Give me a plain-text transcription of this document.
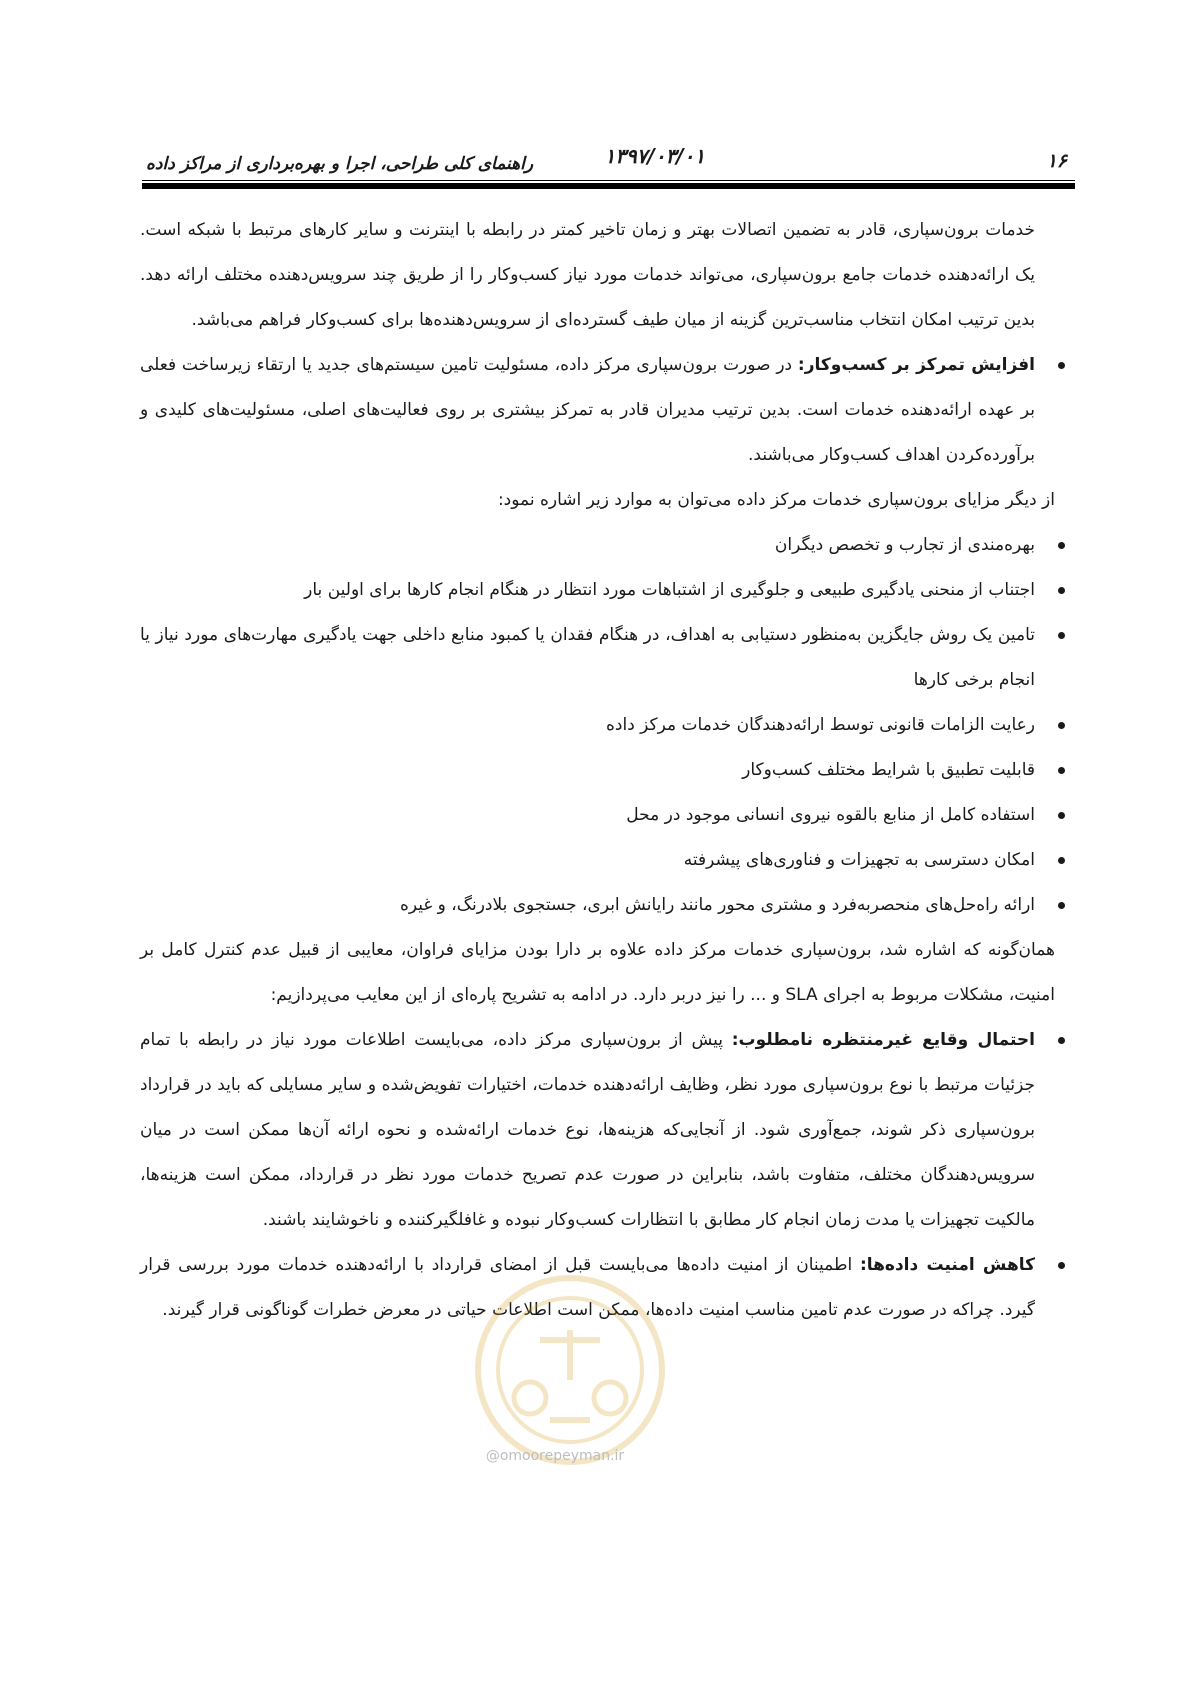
۱۶
۱۳۹۷/۰۳/۰۱
راهنمای کلی طراحی، اجرا و بهره‌برداری از مراکز داده

خدمات برون‌سپاری، قادر به تضمین اتصالات بهتر و زمان تاخیر کمتر در رابطه با اینترنت و سایر کارهای مرتبط با شبکه است. یک ارائه‌دهنده خدمات جامع برون‌سپاری، می‌تواند خدمات مورد نیاز کسب‌وکار را از طریق چند سرویس‌دهنده مختلف ارائه دهد. بدین ترتیب امکان انتخاب مناسب‌ترین گزینه از میان طیف گسترده‌ای از سرویس‌دهنده‌ها برای کسب‌وکار فراهم می‌باشد.

افزایش تمرکز بر کسب‌وکار: در صورت برون‌سپاری مرکز داده، مسئولیت تامین سیستم‌های جدید یا ارتقاء زیرساخت فعلی بر عهده ارائه‌دهنده خدمات است. بدین ترتیب مدیران قادر به تمرکز بیشتری بر روی فعالیت‌های اصلی، مسئولیت‌های کلیدی و برآورده‌کردن اهداف کسب‌وکار می‌باشند.

از دیگر مزایای برون‌سپاری خدمات مرکز داده می‌توان به موارد زیر اشاره نمود:

بهره‌مندی از تجارب و تخصص دیگران
اجتناب از منحنی یادگیری طبیعی و جلوگیری از اشتباهات مورد انتظار در هنگام انجام کارها برای اولین بار
تامین یک روش جایگزین به‌منظور دستیابی به اهداف، در هنگام فقدان یا کمبود منابع داخلی جهت یادگیری مهارت‌های مورد نیاز یا انجام برخی کارها
رعایت الزامات قانونی توسط ارائه‌دهندگان خدمات مرکز داده
قابلیت تطبیق با شرایط مختلف کسب‌وکار
استفاده کامل از منابع بالقوه نیروی انسانی موجود در محل
امکان دسترسی به تجهیزات و فناوری‌های پیشرفته
ارائه راه‌حل‌های منحصربه‌فرد و مشتری محور مانند رایانش ابری، جستجوی بلادرنگ، و غیره

همان‌گونه که اشاره شد، برون‌سپاری خدمات مرکز داده علاوه بر دارا بودن مزایای فراوان، معایبی از قبیل عدم کنترل کامل بر امنیت، مشکلات مربوط به اجرای SLA و ... را نیز دربر دارد. در ادامه به تشریح پاره‌ای از این معایب می‌پردازیم:

احتمال وقایع غیرمنتظره نامطلوب: پیش از برون‌سپاری مرکز داده، می‌بایست اطلاعات مورد نیاز در رابطه با تمام جزئیات مرتبط با نوع برون‌سپاری مورد نظر، وظایف ارائه‌دهنده خدمات، اختیارات تفویض‌شده و سایر مسایلی که باید در قرارداد برون‌سپاری ذکر شوند، جمع‌آوری شود. از آنجایی‌که هزینه‌ها، نوع خدمات ارائه‌شده و نحوه ارائه آن‌ها ممکن است در میان سرویس‌دهندگان مختلف، متفاوت باشد، بنابراین در صورت عدم تصریح خدمات مورد نظر در قرارداد، ممکن است هزینه‌ها، مالکیت تجهیزات یا مدت زمان انجام کار مطابق با انتظارات کسب‌وکار نبوده و غافلگیرکننده و ناخوشایند باشند.
کاهش امنیت داده‌ها: اطمینان از امنیت داده‌ها می‌بایست قبل از امضای قرارداد با ارائه‌دهنده خدمات مورد بررسی قرار گیرد. چراکه در صورت عدم تامین مناسب امنیت داده‌ها، ممکن است اطلاعات حیاتی در معرض خطرات گوناگونی قرار گیرند.
@omoorepeyman.ir
